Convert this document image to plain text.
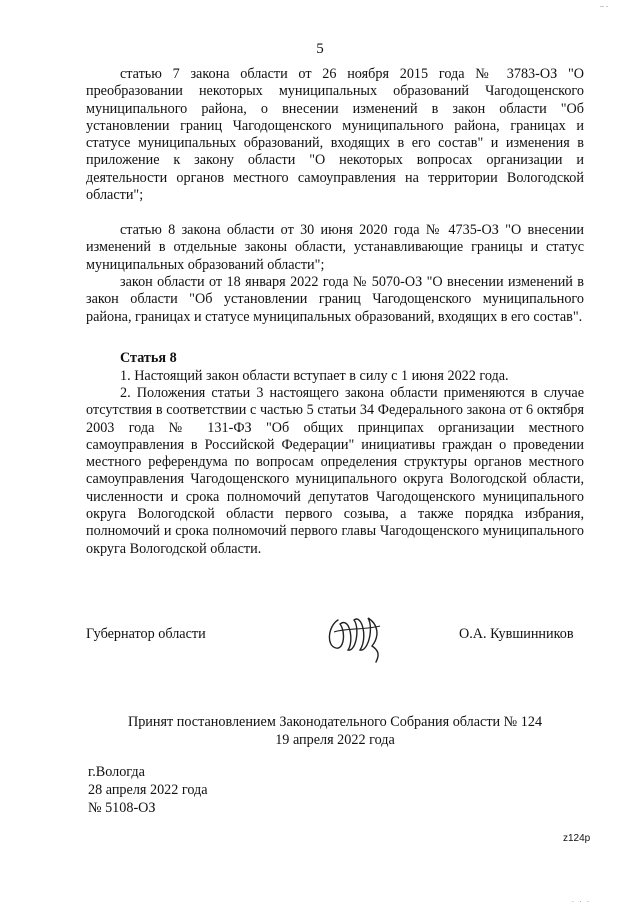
.. .
5

статью 7 закона области от 26 ноября 2015 года № 3783-ОЗ "О преобразовании некоторых муниципальных образований Чагодощенского муниципального района, о внесении изменений в закон области "Об установлении границ Чагодощенского муниципального района, границах и статусе муниципальных образований, входящих в его состав" и изменения в приложение к закону области "О некоторых вопросах организации и деятельности органов местного самоуправления на территории Вологодской области";

статью 8 закона области от 30 июня 2020 года № 4735-ОЗ "О внесении изменений в отдельные законы области, устанавливающие границы и статус муниципальных образований области";

закон области от 18 января 2022 года № 5070-ОЗ "О внесении изменений в закон области "Об установлении границ Чагодощенского муниципального района, границах и статусе муниципальных образований, входящих в его состав".

Статья 8

1. Настоящий закон области вступает в силу с 1 июня 2022 года.

2. Положения статьи 3 настоящего закона области применяются в случае отсутствия в соответствии с частью 5 статьи 34 Федерального закона от 6 октября 2003 года № 131-ФЗ "Об общих принципах организации местного самоуправления в Российской Федерации" инициативы граждан о проведении местного референдума по вопросам определения структуры органов местного самоуправления Чагодощенского муниципального округа Вологодской области, численности и срока полномочий депутатов Чагодощенского муниципального округа Вологодской области первого созыва, а также порядка избрания, полномочий и срока полномочий первого главы Чагодощенского муниципального округа Вологодской области.

Губернатор области	О.А. Кувшинников
Принят постановлением Законодательного Собрания области № 124
19 апреля 2022 года
г.Вологда
28 апреля 2022 года
№ 5108-ОЗ
z124p
. . .
